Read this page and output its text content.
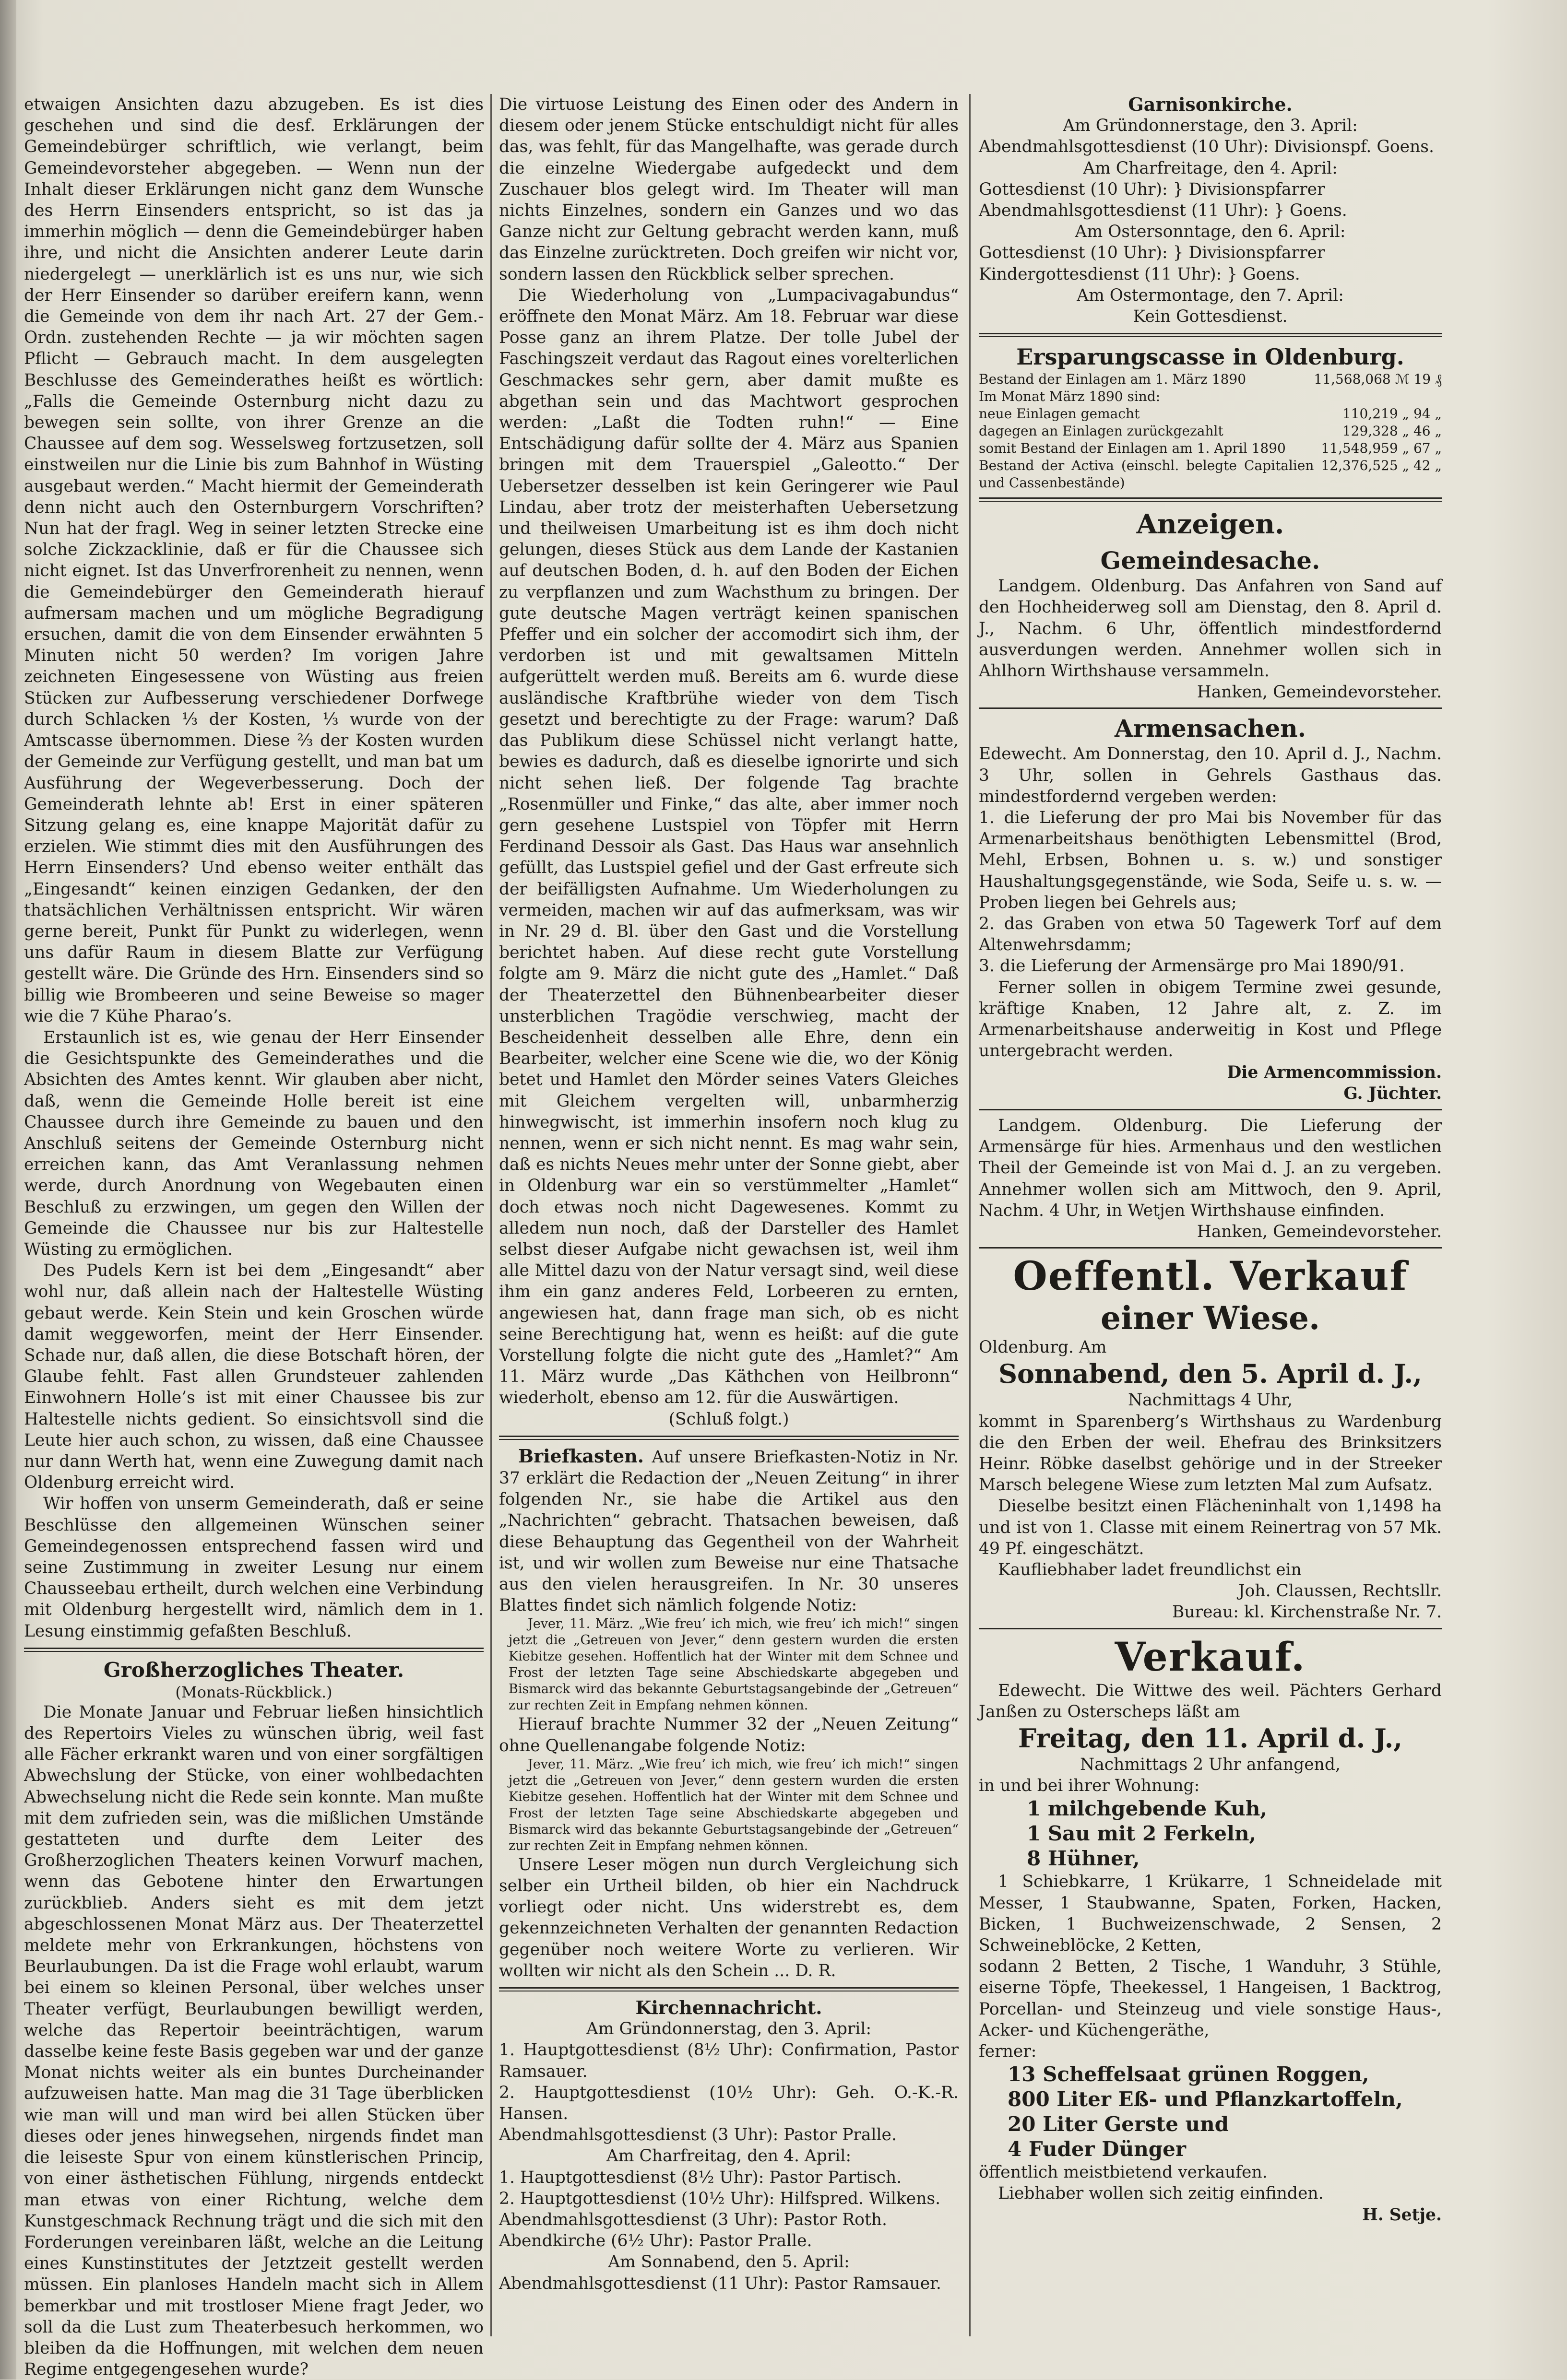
etwaigen Ansichten dazu abzugeben. Es ist dies geschehen und sind die desf. Erklärungen der Gemeindebürger schriftlich, wie verlangt, beim Gemeindevorsteher abgegeben. — Wenn nun der Inhalt dieser Erklärungen nicht ganz dem Wunsche des Herrn Einsenders entspricht, so ist das ja immerhin möglich — denn die Gemeindebürger haben ihre, und nicht die Ansichten anderer Leute darin niedergelegt — unerklärlich ist es uns nur, wie sich der Herr Einsender so darüber ereifern kann, wenn die Gemeinde von dem ihr nach Art. 27 der Gem.-Ordn. zustehenden Rechte — ja wir möchten sagen Pflicht — Gebrauch macht. In dem ausgelegten Beschlusse des Gemeinderathes heißt es wörtlich: „Falls die Gemeinde Osternburg nicht dazu zu bewegen sein sollte, von ihrer Grenze an die Chaussee auf dem sog. Wesselsweg fortzusetzen, soll einstweilen nur die Linie bis zum Bahnhof in Wüsting ausgebaut werden.“ Macht hiermit der Gemeinderath denn nicht auch den Osternburgern Vorschriften? Nun hat der fragl. Weg in seiner letzten Strecke eine solche Zickzacklinie, daß er für die Chaussee sich nicht eignet. Ist das Unverfrorenheit zu nennen, wenn die Gemeindebürger den Gemeinderath hierauf aufmersam machen und um mögliche Begradigung ersuchen, damit die von dem Einsender erwähnten 5 Minuten nicht 50 werden? Im vorigen Jahre zeichneten Eingesessene von Wüsting aus freien Stücken zur Aufbesserung verschiedener Dorfwege durch Schlacken ⅓ der Kosten, ⅓ wurde von der Amtscasse übernommen. Diese ⅔ der Kosten wurden der Gemeinde zur Verfügung gestellt, und man bat um Ausführung der Wegeverbesserung. Doch der Gemeinderath lehnte ab! Erst in einer späteren Sitzung gelang es, eine knappe Majorität dafür zu erzielen. Wie stimmt dies mit den Ausführungen des Herrn Einsenders? Und ebenso weiter enthält das „Eingesandt“ keinen einzigen Gedanken, der den thatsächlichen Verhältnissen entspricht. Wir wären gerne bereit, Punkt für Punkt zu widerlegen, wenn uns dafür Raum in diesem Blatte zur Verfügung gestellt wäre. Die Gründe des Hrn. Einsenders sind so billig wie Brombeeren und seine Beweise so mager wie die 7 Kühe Pharao’s.

Erstaunlich ist es, wie genau der Herr Einsender die Gesichtspunkte des Gemeinderathes und die Absichten des Amtes kennt. Wir glauben aber nicht, daß, wenn die Gemeinde Holle bereit ist eine Chaussee durch ihre Gemeinde zu bauen und den Anschluß seitens der Gemeinde Osternburg nicht erreichen kann, das Amt Veranlassung nehmen werde, durch Anordnung von Wegebauten einen Beschluß zu erzwingen, um gegen den Willen der Gemeinde die Chaussee nur bis zur Haltestelle Wüsting zu ermöglichen.

Des Pudels Kern ist bei dem „Eingesandt“ aber wohl nur, daß allein nach der Haltestelle Wüsting gebaut werde. Kein Stein und kein Groschen würde damit weggeworfen, meint der Herr Einsender. Schade nur, daß allen, die diese Botschaft hören, der Glaube fehlt. Fast allen Grundsteuer zahlenden Einwohnern Holle’s ist mit einer Chaussee bis zur Haltestelle nichts gedient. So einsichtsvoll sind die Leute hier auch schon, zu wissen, daß eine Chaussee nur dann Werth hat, wenn eine Zuwegung damit nach Oldenburg erreicht wird.

Wir hoffen von unserm Gemeinderath, daß er seine Beschlüsse den allgemeinen Wünschen seiner Gemeindegenossen entsprechend fassen wird und seine Zustimmung in zweiter Lesung nur einem Chausseebau ertheilt, durch welchen eine Verbindung mit Oldenburg hergestellt wird, nämlich dem in 1. Lesung einstimmig gefaßten Beschluß.

Großherzogliches Theater.
(Monats-Rückblick.)

Die Monate Januar und Februar ließen hinsichtlich des Repertoirs Vieles zu wünschen übrig, weil fast alle Fächer erkrankt waren und von einer sorgfältigen Abwechslung der Stücke, von einer wohlbedachten Abwechselung nicht die Rede sein konnte. Man mußte mit dem zufrieden sein, was die mißlichen Umstände gestatteten und durfte dem Leiter des Großherzoglichen Theaters keinen Vorwurf machen, wenn das Gebotene hinter den Erwartungen zurückblieb. Anders sieht es mit dem jetzt abgeschlossenen Monat März aus. Der Theaterzettel meldete mehr von Erkrankungen, höchstens von Beurlaubungen. Da ist die Frage wohl erlaubt, warum bei einem so kleinen Personal, über welches unser Theater verfügt, Beurlaubungen bewilligt werden, welche das Repertoir beeinträchtigen, warum dasselbe keine feste Basis gegeben war und der ganze Monat nichts weiter als ein buntes Durcheinander aufzuweisen hatte. Man mag die 31 Tage überblicken wie man will und man wird bei allen Stücken über dieses oder jenes hinwegsehen, nirgends findet man die leiseste Spur von einem künstlerischen Princip, von einer ästhetischen Fühlung, nirgends entdeckt man etwas von einer Richtung, welche dem Kunstgeschmack Rechnung trägt und die sich mit den Forderungen vereinbaren läßt, welche an die Leitung eines Kunstinstitutes der Jetztzeit gestellt werden müssen. Ein planloses Handeln macht sich in Allem bemerkbar und mit trostloser Miene fragt Jeder, wo soll da die Lust zum Theaterbesuch herkommen, wo bleiben da die Hoffnungen, mit welchen dem neuen Regime entgegengesehen wurde?

Die virtuose Leistung des Einen oder des Andern in diesem oder jenem Stücke entschuldigt nicht für alles das, was fehlt, für das Mangelhafte, was gerade durch die einzelne Wiedergabe aufgedeckt und dem Zuschauer blos gelegt wird. Im Theater will man nichts Einzelnes, sondern ein Ganzes und wo das Ganze nicht zur Geltung gebracht werden kann, muß das Einzelne zurücktreten. Doch greifen wir nicht vor, sondern lassen den Rückblick selber sprechen.

Die Wiederholung von „Lumpacivagabundus“ eröffnete den Monat März. Am 18. Februar war diese Posse ganz an ihrem Platze. Der tolle Jubel der Faschingszeit verdaut das Ragout eines vorelterlichen Geschmackes sehr gern, aber damit mußte es abgethan sein und das Machtwort gesprochen werden: „Laßt die Todten ruhn!“ — Eine Entschädigung dafür sollte der 4. März aus Spanien bringen mit dem Trauerspiel „Galeotto.“ Der Uebersetzer desselben ist kein Geringerer wie Paul Lindau, aber trotz der meisterhaften Uebersetzung und theilweisen Umarbeitung ist es ihm doch nicht gelungen, dieses Stück aus dem Lande der Kastanien auf deutschen Boden, d. h. auf den Boden der Eichen zu verpflanzen und zum Wachsthum zu bringen. Der gute deutsche Magen verträgt keinen spanischen Pfeffer und ein solcher der accomodirt sich ihm, der verdorben ist und mit gewaltsamen Mitteln aufgerüttelt werden muß. Bereits am 6. wurde diese ausländische Kraftbrühe wieder von dem Tisch gesetzt und berechtigte zu der Frage: warum? Daß das Publikum diese Schüssel nicht verlangt hatte, bewies es dadurch, daß es dieselbe ignorirte und sich nicht sehen ließ. Der folgende Tag brachte „Rosenmüller und Finke,“ das alte, aber immer noch gern gesehene Lustspiel von Töpfer mit Herrn Ferdinand Dessoir als Gast. Das Haus war ansehnlich gefüllt, das Lustspiel gefiel und der Gast erfreute sich der beifälligsten Aufnahme. Um Wiederholungen zu vermeiden, machen wir auf das aufmerksam, was wir in Nr. 29 d. Bl. über den Gast und die Vorstellung berichtet haben. Auf diese recht gute Vorstellung folgte am 9. März die nicht gute des „Hamlet.“ Daß der Theaterzettel den Bühnenbearbeiter dieser unsterblichen Tragödie verschwieg, macht der Bescheidenheit desselben alle Ehre, denn ein Bearbeiter, welcher eine Scene wie die, wo der König betet und Hamlet den Mörder seines Vaters Gleiches mit Gleichem vergelten will, unbarmherzig hinwegwischt, ist immerhin insofern noch klug zu nennen, wenn er sich nicht nennt. Es mag wahr sein, daß es nichts Neues mehr unter der Sonne giebt, aber in Oldenburg war ein so verstümmelter „Hamlet“ doch etwas noch nicht Dagewesenes. Kommt zu alledem nun noch, daß der Darsteller des Hamlet selbst dieser Aufgabe nicht gewachsen ist, weil ihm alle Mittel dazu von der Natur versagt sind, weil diese ihm ein ganz anderes Feld, Lorbeeren zu ernten, angewiesen hat, dann frage man sich, ob es nicht seine Berechtigung hat, wenn es heißt: auf die gute Vorstellung folgte die nicht gute des „Hamlet?“ Am 11. März wurde „Das Käthchen von Heilbronn“ wiederholt, ebenso am 12. für die Auswärtigen.

(Schluß folgt.)

Briefkasten. Auf unsere Briefkasten-Notiz in Nr. 37 erklärt die Redaction der „Neuen Zeitung“ in ihrer folgenden Nr., sie habe die Artikel aus den „Nachrichten“ gebracht. Thatsachen beweisen, daß diese Behauptung das Gegentheil von der Wahrheit ist, und wir wollen zum Beweise nur eine Thatsache aus den vielen herausgreifen. In Nr. 30 unseres Blattes findet sich nämlich folgende Notiz:

Jever, 11. März. „Wie freu’ ich mich, wie freu’ ich mich!“ singen jetzt die „Getreuen von Jever,“ denn gestern wurden die ersten Kiebitze gesehen. Hoffentlich hat der Winter mit dem Schnee und Frost der letzten Tage seine Abschiedskarte abgegeben und Bismarck wird das bekannte Geburtstagsangebinde der „Getreuen“ zur rechten Zeit in Empfang nehmen können.

Hierauf brachte Nummer 32 der „Neuen Zeitung“ ohne Quellenangabe folgende Notiz:

Jever, 11. März. „Wie freu’ ich mich, wie freu’ ich mich!“ singen jetzt die „Getreuen von Jever,“ denn gestern wurden die ersten Kiebitze gesehen. Hoffentlich hat der Winter mit dem Schnee und Frost der letzten Tage seine Abschiedskarte abgegeben und Bismarck wird das bekannte Geburtstagsangebinde der „Getreuen“ zur rechten Zeit in Empfang nehmen können.

Unsere Leser mögen nun durch Vergleichung sich selber ein Urtheil bilden, ob hier ein Nachdruck vorliegt oder nicht. Uns widerstrebt es, dem gekennzeichneten Verhalten der genannten Redaction gegenüber noch weitere Worte zu verlieren. Wir wollten wir nicht als den Schein ... D. R.

Kirchennachricht.
Am Gründonnerstag, den 3. April:
1. Hauptgottesdienst (8½ Uhr): Confirmation, Pastor Ramsauer.
2. Hauptgottesdienst (10½ Uhr): Geh. O.-K.-R. Hansen.
Abendmahlsgottesdienst (3 Uhr): Pastor Pralle.
Am Charfreitag, den 4. April:
1. Hauptgottesdienst (8½ Uhr): Pastor Partisch.
2. Hauptgottesdienst (10½ Uhr): Hilfspred. Wilkens.
Abendmahlsgottesdienst (3 Uhr): Pastor Roth.
Abendkirche (6½ Uhr): Pastor Pralle.
Am Sonnabend, den 5. April:
Abendmahlsgottesdienst (11 Uhr): Pastor Ramsauer.
Garnisonkirche.
Am Gründonnerstage, den 3. April:
Abendmahlsgottesdienst (10 Uhr): Divisionspf. Goens.
Am Charfreitage, den 4. April:
Gottesdienst (10 Uhr): } Divisionspfarrer
Abendmahlsgottesdienst (11 Uhr): } Goens.
Am Ostersonntage, den 6. April:
Gottesdienst (10 Uhr): } Divisionspfarrer
Kindergottesdienst (11 Uhr): } Goens.
Am Ostermontage, den 7. April:
Kein Gottesdienst.
Ersparungscasse in Oldenburg.
Bestand der Einlagen am 1. März 1890	11,568,068 ℳ 19 ₰
Im Monat März 1890 sind:	
neue Einlagen gemacht	110,219 „ 94 „
dagegen an Einlagen zurückgezahlt	129,328 „ 46 „
somit Bestand der Einlagen am 1. April 1890	11,548,959 „ 67 „
Bestand der Activa (einschl. belegte Capitalien und Cassenbestände)	12,376,525 „ 42 „
Anzeigen.
Gemeindesache.

Landgem. Oldenburg. Das Anfahren von Sand auf den Hochheiderweg soll am Dienstag, den 8. April d. J., Nachm. 6 Uhr, öffentlich mindestfordernd ausverdungen werden. Annehmer wollen sich in Ahlhorn Wirthshause versammeln.

Hanken, Gemeindevorsteher.
Armensachen.

Edewecht. Am Donnerstag, den 10. April d. J., Nachm. 3 Uhr, sollen in Gehrels Gasthaus das. mindestfordernd vergeben werden:

1. die Lieferung der pro Mai bis November für das Armenarbeitshaus benöthigten Lebensmittel (Brod, Mehl, Erbsen, Bohnen u. s. w.) und sonstiger Haushaltungsgegenstände, wie Soda, Seife u. s. w. — Proben liegen bei Gehrels aus;

2. das Graben von etwa 50 Tagewerk Torf auf dem Altenwehrsdamm;

3. die Lieferung der Armensärge pro Mai 1890/91.

Ferner sollen in obigem Termine zwei gesunde, kräftige Knaben, 12 Jahre alt, z. Z. im Armenarbeitshause anderweitig in Kost und Pflege untergebracht werden.

Die Armencommission.
G. Jüchter.

Landgem. Oldenburg. Die Lieferung der Armensärge für hies. Armenhaus und den westlichen Theil der Gemeinde ist von Mai d. J. an zu vergeben. Annehmer wollen sich am Mittwoch, den 9. April, Nachm. 4 Uhr, in Wetjen Wirthshause einfinden.

Hanken, Gemeindevorsteher.
Oeffentl. Verkauf
einer Wiese.
Oldenburg. Am
Sonnabend, den 5. April d. J.,
Nachmittags 4 Uhr,

kommt in Sparenberg’s Wirthshaus zu Wardenburg die den Erben der weil. Ehefrau des Brinksitzers Heinr. Röbke daselbst gehörige und in der Streeker Marsch belegene Wiese zum letzten Mal zum Aufsatz.

Dieselbe besitzt einen Flächeninhalt von 1,1498 ha und ist von 1. Classe mit einem Reinertrag von 57 Mk. 49 Pf. eingeschätzt.

Kaufliebhaber ladet freundlichst ein

Joh. Claussen, Rechtsllr.
Bureau: kl. Kirchenstraße Nr. 7.
Verkauf.

Edewecht. Die Wittwe des weil. Pächters Gerhard Janßen zu Osterscheps läßt am

Freitag, den 11. April d. J.,
Nachmittags 2 Uhr anfangend,
in und bei ihrer Wohnung:
1 milchgebende Kuh,
1 Sau mit 2 Ferkeln,
8 Hühner,

1 Schiebkarre, 1 Krükarre, 1 Schneidelade mit Messer, 1 Staubwanne, Spaten, Forken, Hacken, Bicken, 1 Buchweizenschwade, 2 Sensen, 2 Schweineblöcke, 2 Ketten,

sodann 2 Betten, 2 Tische, 1 Wanduhr, 3 Stühle, eiserne Töpfe, Theekessel, 1 Hangeisen, 1 Backtrog, Porcellan- und Steinzeug und viele sonstige Haus-, Acker- und Küchengeräthe,

ferner:
13 Scheffelsaat grünen Roggen,
800 Liter Eß- und Pflanzkartoffeln,
20 Liter Gerste und
4 Fuder Dünger
öffentlich meistbietend verkaufen.
Liebhaber wollen sich zeitig einfinden.
H. Setje.
